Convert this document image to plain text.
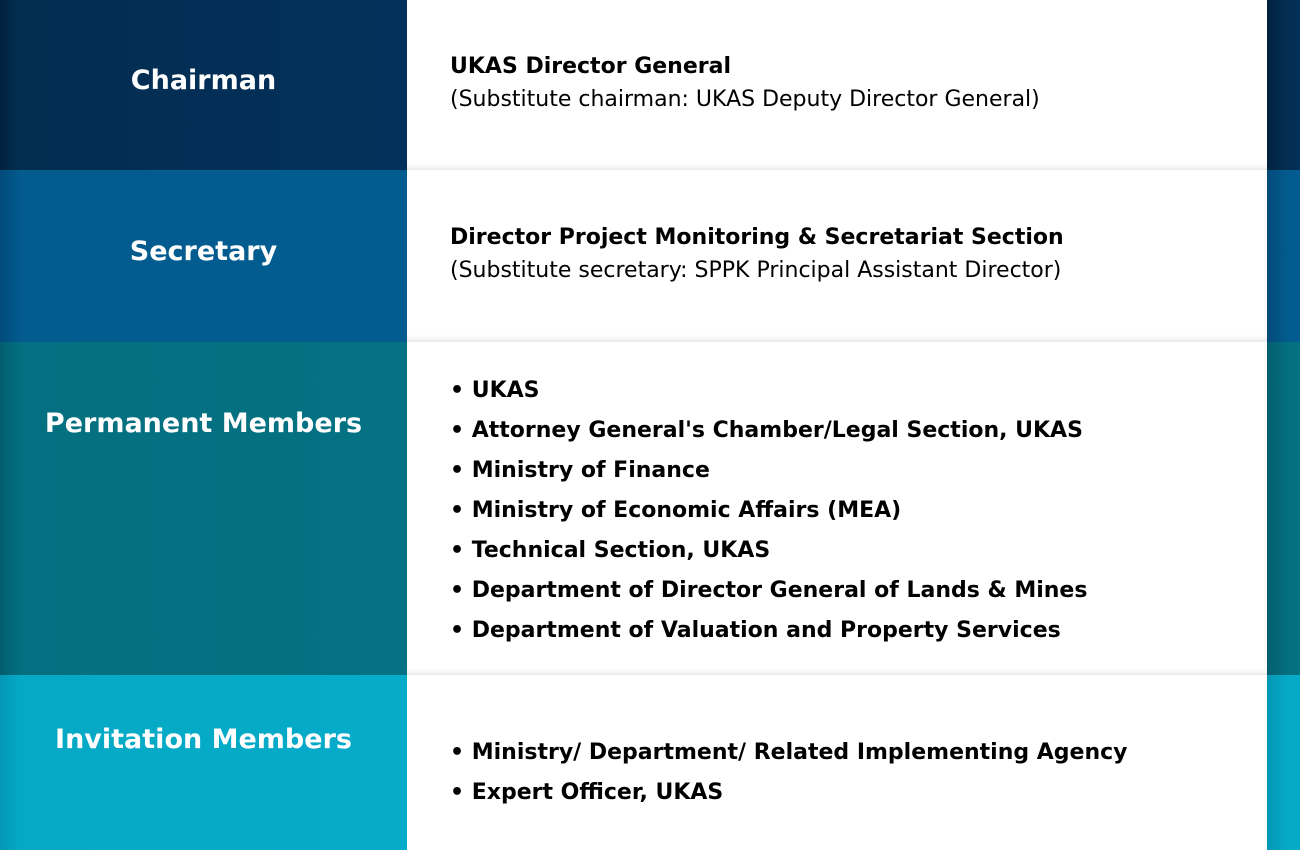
Chairman	UKAS Director General
(Substitute chairman: UKAS Deputy Director General)
Secretary	Director Project Monitoring & Secretariat Section
(Substitute secretary: SPPK Principal Assistant Director)
Permanent Members
• UKAS
• Attorney General's Chamber/Legal Section, UKAS
• Ministry of Finance
• Ministry of Economic Affairs (MEA)
• Technical Section, UKAS
• Department of Director General of Lands & Mines
• Department of Valuation and Property Services
Invitation Members
•	Ministry/ Department/ Related Implementing Agency
• Expert Officer, UKAS
